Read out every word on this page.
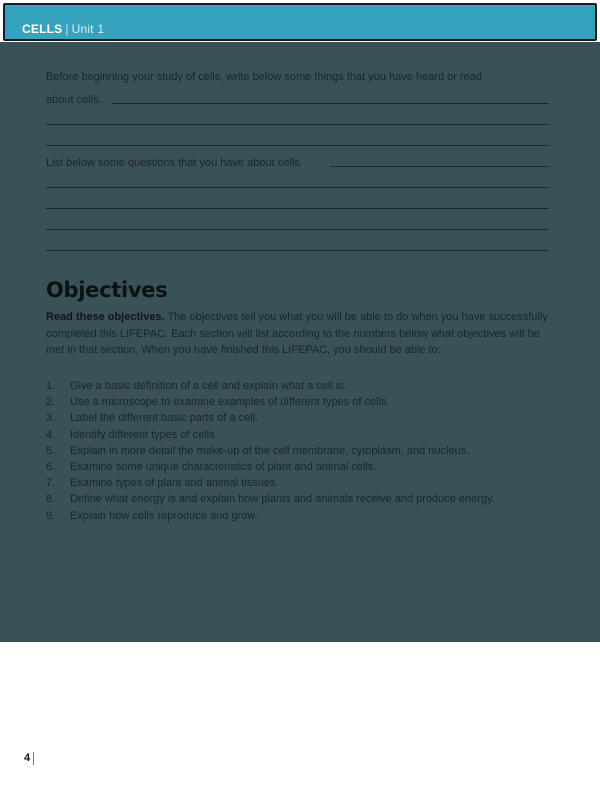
CELLS | Unit 1
Before beginning your study of cells, write below some things that you have heard or read
about cells.
List below some questions that you have about cells.
Objectives
Read these objectives. The objectives tell you what you will be able to do when you have successfully completed this LIFEPAC. Each section will list according to the numbers below what objectives will be met in that section. When you have finished this LIFEPAC, you should be able to:
1. Give a basic definition of a cell and explain what a cell is.
2. Use a microscope to examine examples of different types of cells.
3. Label the different basic parts of a cell.
4. Identify different types of cells.
5. Explain in more detail the make-up of the cell membrane, cytoplasm, and nucleus.
6. Examine some unique characteristics of plant and animal cells.
7. Examine types of plant and animal tissues.
8. Define what energy is and explain how plants and animals receive and produce energy.
9. Explain how cells reproduce and grow.
4
